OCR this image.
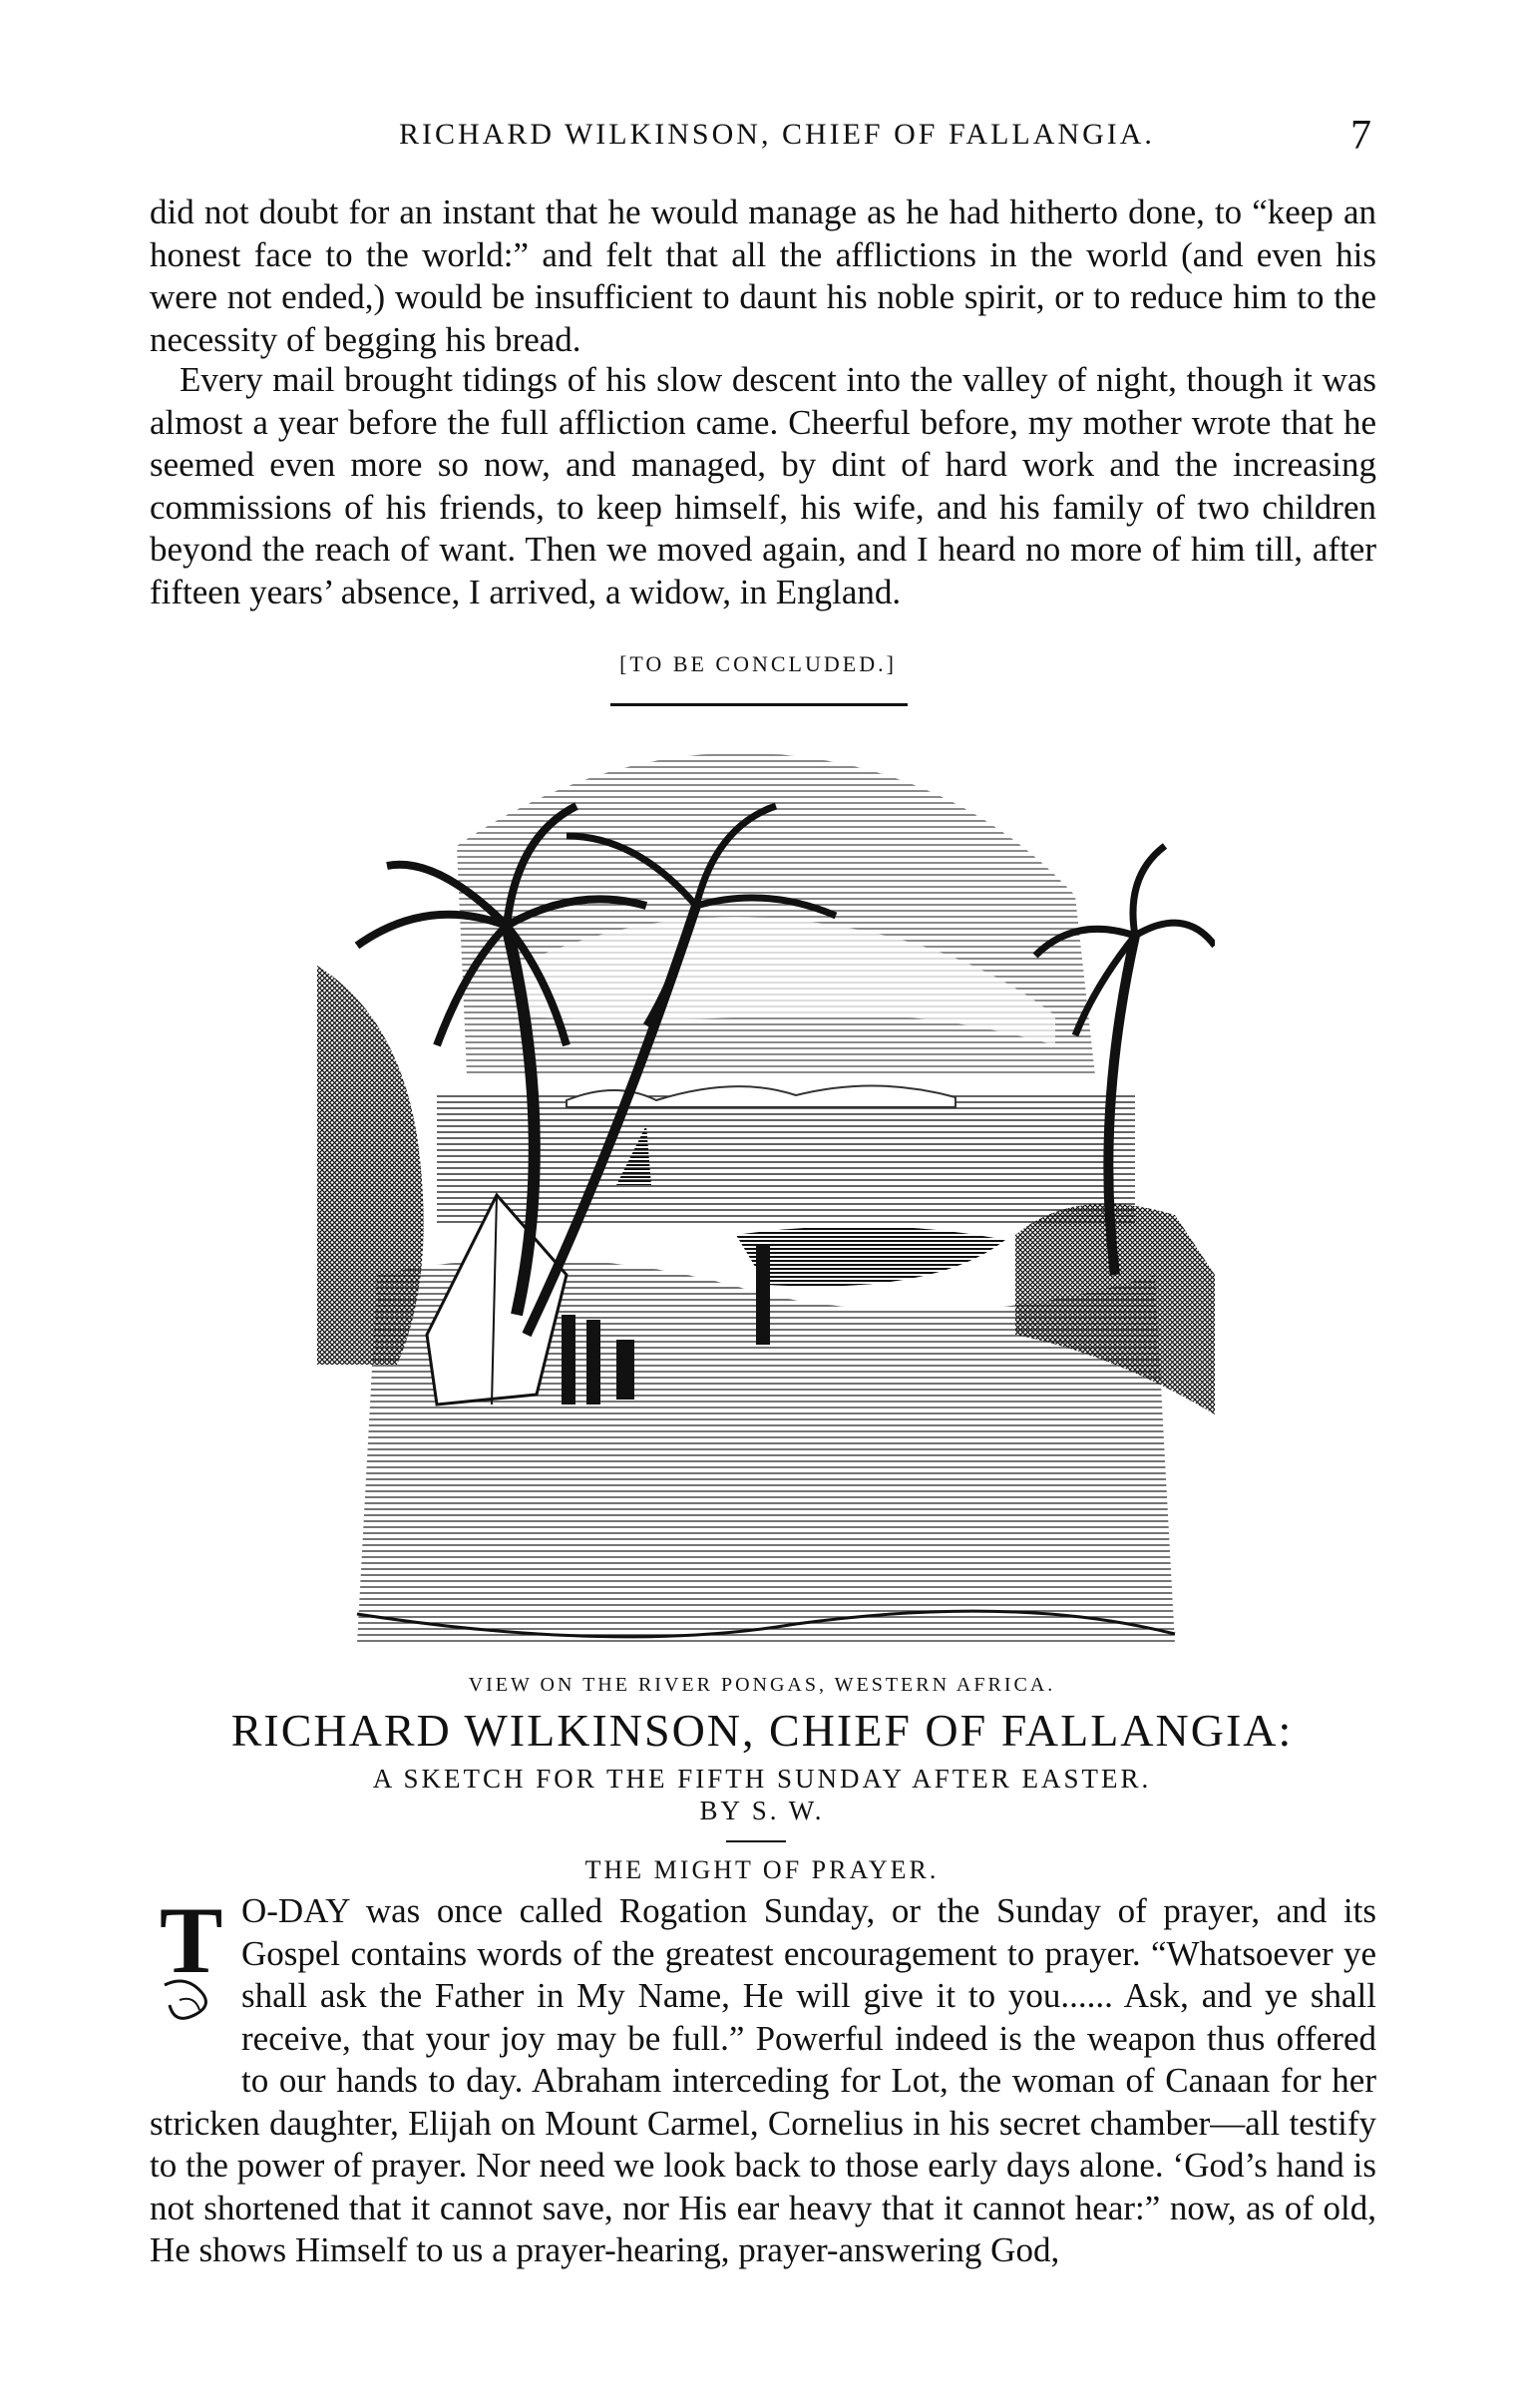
RICHARD WILKINSON, CHIEF OF FALLANGIA.	7

did not doubt for an instant that he would manage as he had hitherto done, to “keep an honest face to the world:” and felt that all the afflictions in the world (and even his were not ended,) would be insufficient to daunt his noble spirit, or to reduce him to the necessity of begging his bread.

Every mail brought tidings of his slow descent into the valley of night, though it was almost a year before the full affliction came. Cheerful before, my mother wrote that he seemed even more so now, and managed, by dint of hard work and the increasing commissions of his friends, to keep himself, his wife, and his family of two children beyond the reach of want. Then we moved again, and I heard no more of him till, after fifteen years’ absence, I arrived, a widow, in England.

[TO BE CONCLUDED.]
VIEW ON THE RIVER PONGAS, WESTERN AFRICA.
RICHARD WILKINSON, CHIEF OF FALLANGIA:
A SKETCH FOR THE FIFTH SUNDAY AFTER EASTER.
BY S. W.
THE MIGHT OF PRAYER.
T O-DAY was once called Rogation Sunday, or the Sunday of prayer, and its Gospel contains words of the greatest encouragement to prayer. “Whatsoever ye shall ask the Father in My Name, He will give it to you...... Ask, and ye shall receive, that your joy may be full.” Powerful indeed is the weapon thus offered to our hands to day. Abraham interceding for Lot, the woman of Canaan for her stricken daughter, Elijah on Mount Carmel, Cornelius in his secret chamber—all testify to the power of prayer. Nor need we look back to those early days alone. ‘God’s hand is not shortened that it cannot save, nor His ear heavy that it cannot hear:” now, as of old, He shows Himself to us a prayer-hearing, prayer-answering God,
